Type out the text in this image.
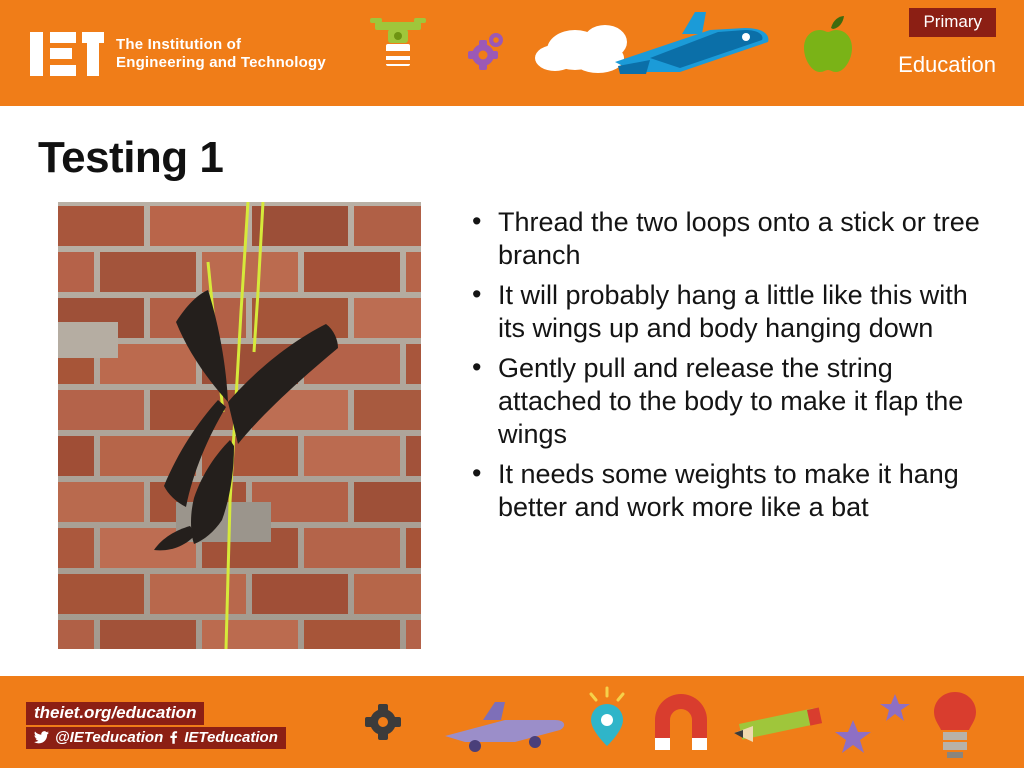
The Institution of
Engineering and Technology
Primary
Education
Testing 1
• Thread the two loops onto a stick or tree branch
• It will probably hang a little like this with its wings up and body hanging down
• Gently pull and release the string attached to the body to make it flap the wings
• It needs some weights to make it hang better and work more like a bat
theiet.org/education
@IETeducation IETeducation
